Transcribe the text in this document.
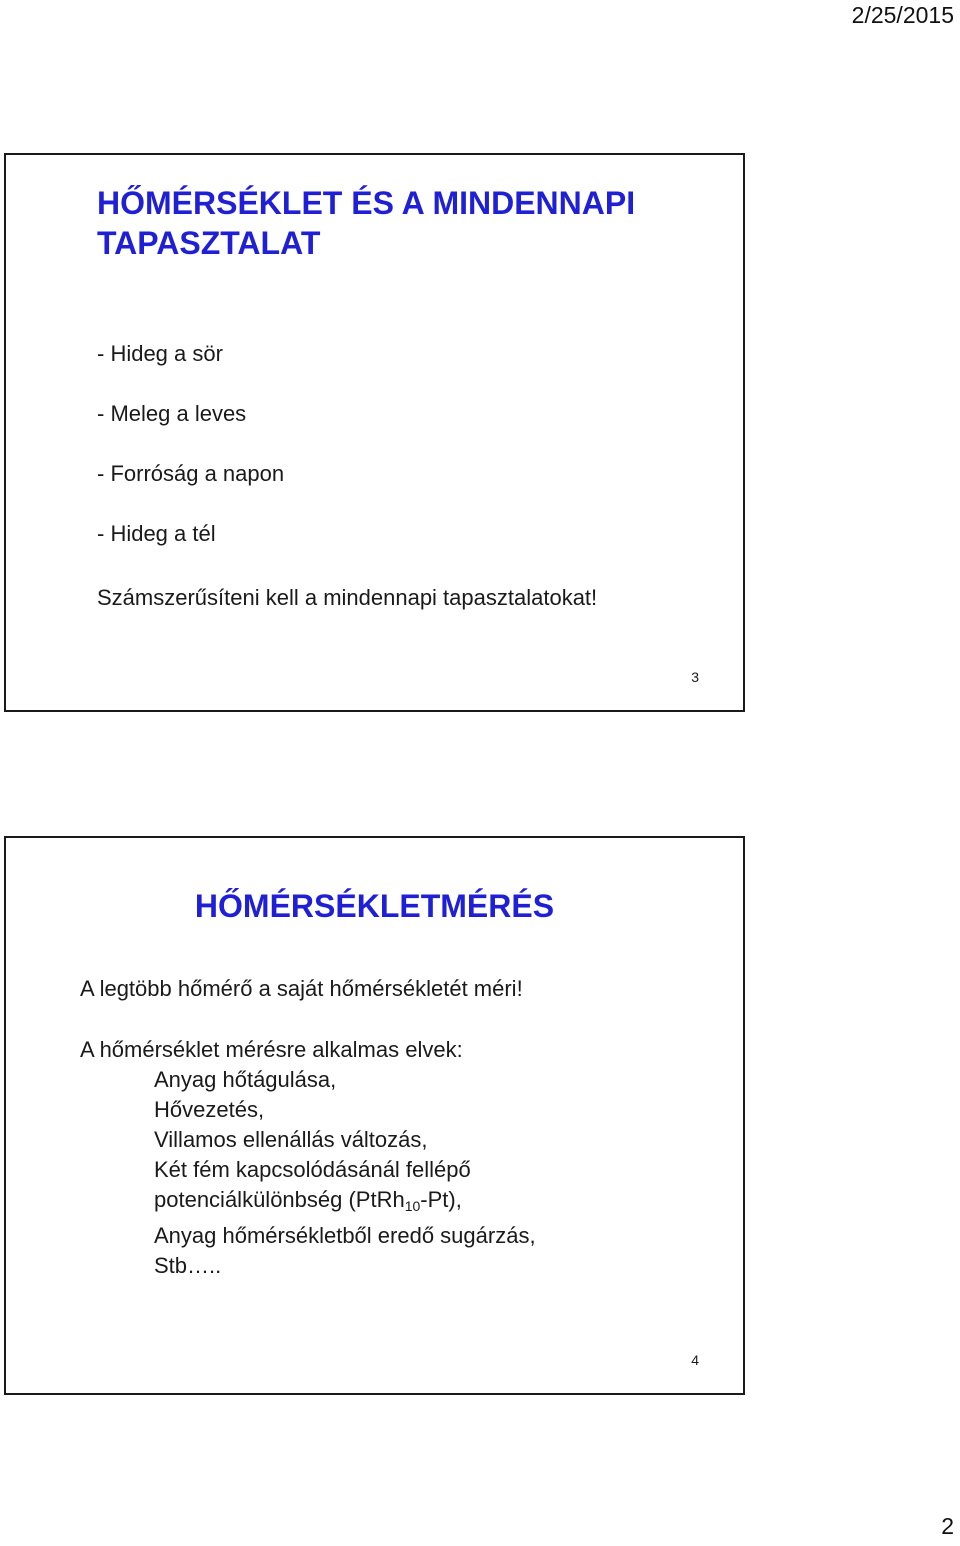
2/25/2015
HŐMÉRSÉKLET ÉS A MINDENNAPI
TAPASZTALAT
- Hideg a sör
- Meleg a leves
- Forróság a napon
- Hideg a tél
Számszerűsíteni kell a mindennapi tapasztalatokat!
3
HŐMÉRSÉKLETMÉRÉS
A legtöbb hőmérő a saját hőmérsékletét méri!
A hőmérséklet mérésre alkalmas elvek:
Anyag hőtágulása,
Hővezetés,
Villamos ellenállás változás,
Két fém kapcsolódásánál fellépő
potenciálkülönbség (PtRh$_{10}$-Pt),
Anyag hőmérsékletből eredő sugárzás,
Stb…..
4
2
